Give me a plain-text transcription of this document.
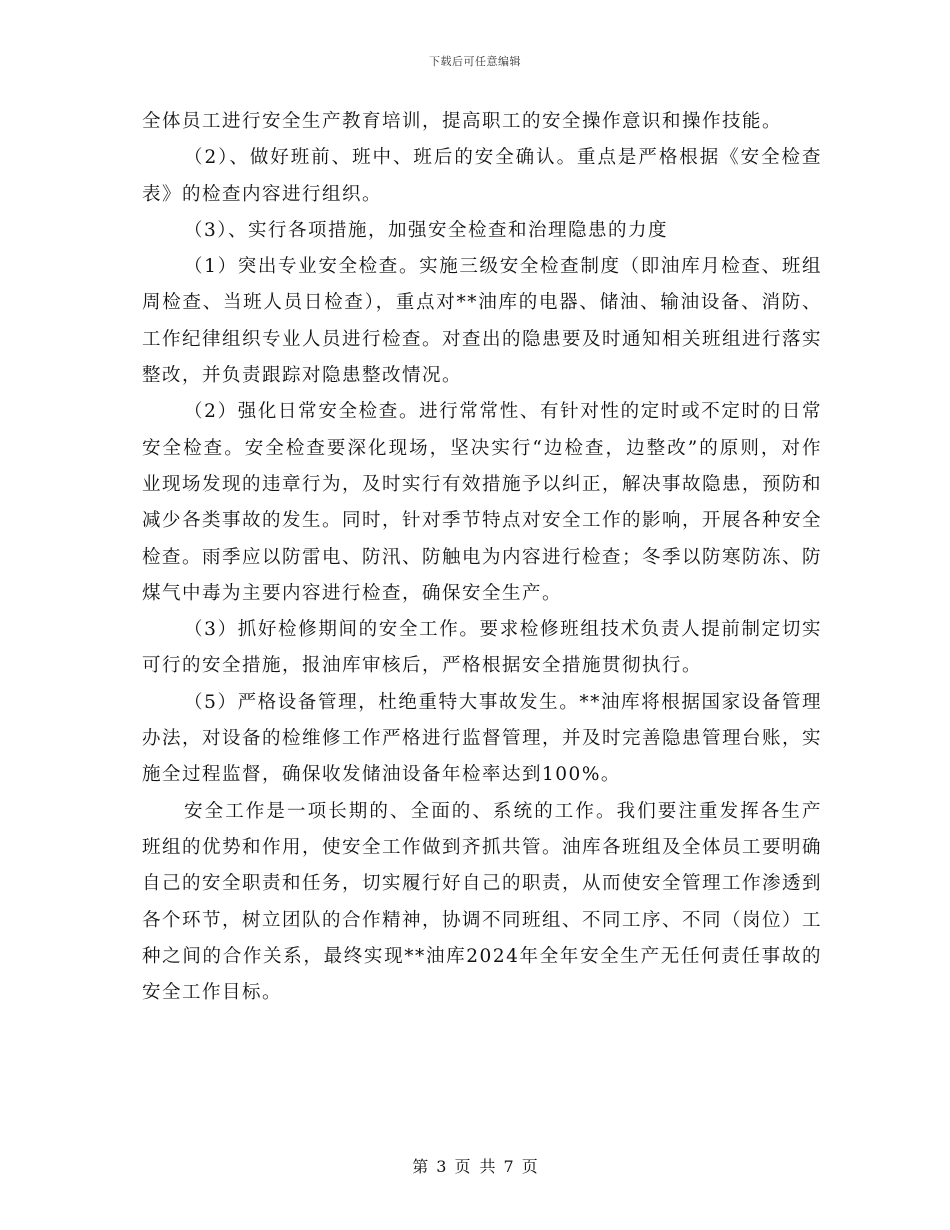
下载后可任意编辑

全体员工进行安全生产教育培训，提高职工的安全操作意识和操作技能。

（2）、做好班前、班中、班后的安全确认。重点是严格根据《安全检查表》的检查内容进行组织。

（3）、实行各项措施，加强安全检查和治理隐患的力度

（1）突出专业安全检查。实施三级安全检查制度（即油库月检查、班组周检查、当班人员日检查），重点对**油库的电器、储油、输油设备、消防、工作纪律组织专业人员进行检查。对查出的隐患要及时通知相关班组进行落实整改，并负责跟踪对隐患整改情况。

（2）强化日常安全检查。进行常常性、有针对性的定时或不定时的日常安全检查。安全检查要深化现场，坚决实行“边检查，边整改”的原则，对作业现场发现的违章行为，及时实行有效措施予以纠正，解决事故隐患，预防和减少各类事故的发生。同时，针对季节特点对安全工作的影响，开展各种安全检查。雨季应以防雷电、防汛、防触电为内容进行检查；冬季以防寒防冻、防煤气中毒为主要内容进行检查，确保安全生产。

（3）抓好检修期间的安全工作。要求检修班组技术负责人提前制定切实可行的安全措施，报油库审核后，严格根据安全措施贯彻执行。

（5）严格设备管理，杜绝重特大事故发生。**油库将根据国家设备管理办法，对设备的检维修工作严格进行监督管理，并及时完善隐患管理台账，实施全过程监督，确保收发储油设备年检率达到100%。

安全工作是一项长期的、全面的、系统的工作。我们要注重发挥各生产班组的优势和作用，使安全工作做到齐抓共管。油库各班组及全体员工要明确自己的安全职责和任务，切实履行好自己的职责，从而使安全管理工作渗透到各个环节，树立团队的合作精神，协调不同班组、不同工序、不同（岗位）工种之间的合作关系，最终实现**油库2024年全年安全生产无任何责任事故的安全工作目标。

第 3 页 共 7 页
